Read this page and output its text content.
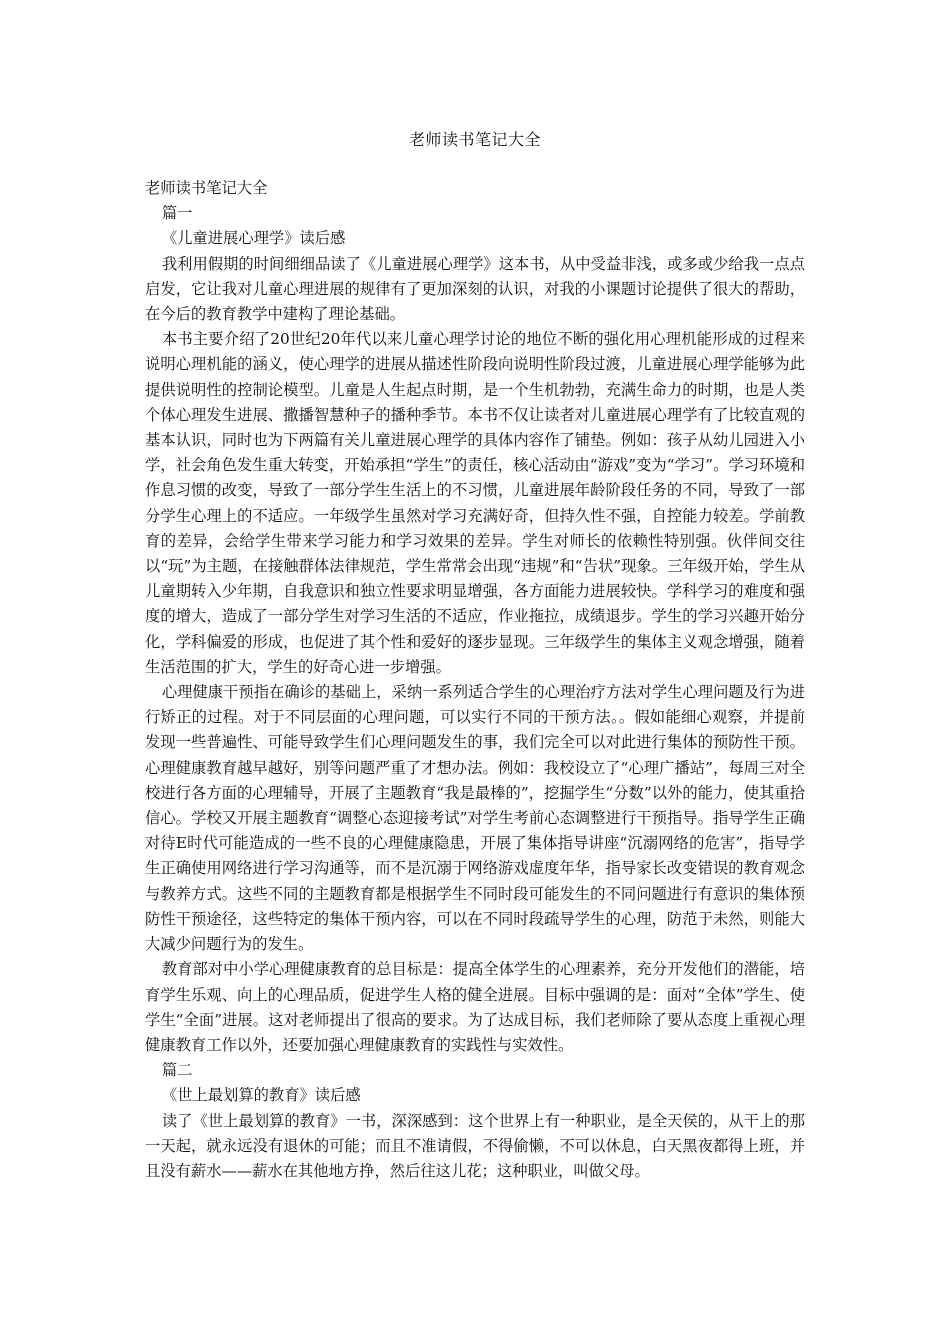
老师读书笔记大全

老师读书笔记大全

篇一

《儿童进展心理学》读后感

我利用假期的时间细细品读了《儿童进展心理学》这本书，从中受益非浅，或多或少给我一点点启发，它让我对儿童心理进展的规律有了更加深刻的认识，对我的小课题讨论提供了很大的帮助，在今后的教育教学中建构了理论基础。

本书主要介绍了20世纪20年代以来儿童心理学讨论的地位不断的强化用心理机能形成的过程来说明心理机能的涵义，使心理学的进展从描述性阶段向说明性阶段过渡，儿童进展心理学能够为此提供说明性的控制论模型。儿童是人生起点时期，是一个生机勃勃，充满生命力的时期，也是人类个体心理发生进展、撒播智慧种子的播种季节。本书不仅让读者对儿童进展心理学有了比较直观的基本认识，同时也为下两篇有关儿童进展心理学的具体内容作了铺垫。例如：孩子从幼儿园进入小学，社会角色发生重大转变，开始承担“学生”的责任，核心活动由“游戏”变为“学习”。学习环境和作息习惯的改变，导致了一部分学生生活上的不习惯，儿童进展年龄阶段任务的不同，导致了一部分学生心理上的不适应。一年级学生虽然对学习充满好奇，但持久性不强，自控能力较差。学前教育的差异，会给学生带来学习能力和学习效果的差异。学生对师长的依赖性特别强。伙伴间交往以“玩”为主题，在接触群体法律规范，学生常常会出现“违规”和“告状”现象。三年级开始，学生从儿童期转入少年期，自我意识和独立性要求明显增强，各方面能力进展较快。学科学习的难度和强度的增大，造成了一部分学生对学习生活的不适应，作业拖拉，成绩退步。学生的学习兴趣开始分化，学科偏爱的形成，也促进了其个性和爱好的逐步显现。三年级学生的集体主义观念增强，随着生活范围的扩大，学生的好奇心进一步增强。

心理健康干预指在确诊的基础上，采纳一系列适合学生的心理治疗方法对学生心理问题及行为进行矫正的过程。对于不同层面的心理问题，可以实行不同的干预方法。。假如能细心观察，并提前发现一些普遍性、可能导致学生们心理问题发生的事，我们完全可以对此进行集体的预防性干预。心理健康教育越早越好，别等问题严重了才想办法。例如：我校设立了“心理广播站”，每周三对全校进行各方面的心理辅导，开展了主题教育“我是最棒的”，挖掘学生“分数”以外的能力，使其重拾信心。学校又开展主题教育“调整心态迎接考试”对学生考前心态调整进行干预指导。指导学生正确对待E时代可能造成的一些不良的心理健康隐患，开展了集体指导讲座“沉溺网络的危害”，指导学生正确使用网络进行学习沟通等，而不是沉溺于网络游戏虚度年华，指导家长改变错误的教育观念与教养方式。这些不同的主题教育都是根据学生不同时段可能发生的不同问题进行有意识的集体预防性干预途径，这些特定的集体干预内容，可以在不同时段疏导学生的心理，防范于未然，则能大大减少问题行为的发生。

教育部对中小学心理健康教育的总目标是：提高全体学生的心理素养，充分开发他们的潜能，培育学生乐观、向上的心理品质，促进学生人格的健全进展。目标中强调的是：面对“全体”学生、使学生“全面”进展。这对老师提出了很高的要求。为了达成目标，我们老师除了要从态度上重视心理健康教育工作以外，还要加强心理健康教育的实践性与实效性。

篇二

《世上最划算的教育》读后感

读了《世上最划算的教育》一书，深深感到：这个世界上有一种职业，是全天侯的，从干上的那一天起，就永远没有退休的可能；而且不准请假，不得偷懒，不可以休息，白天黑夜都得上班，并且没有薪水——薪水在其他地方挣，然后往这儿花；这种职业，叫做父母。
